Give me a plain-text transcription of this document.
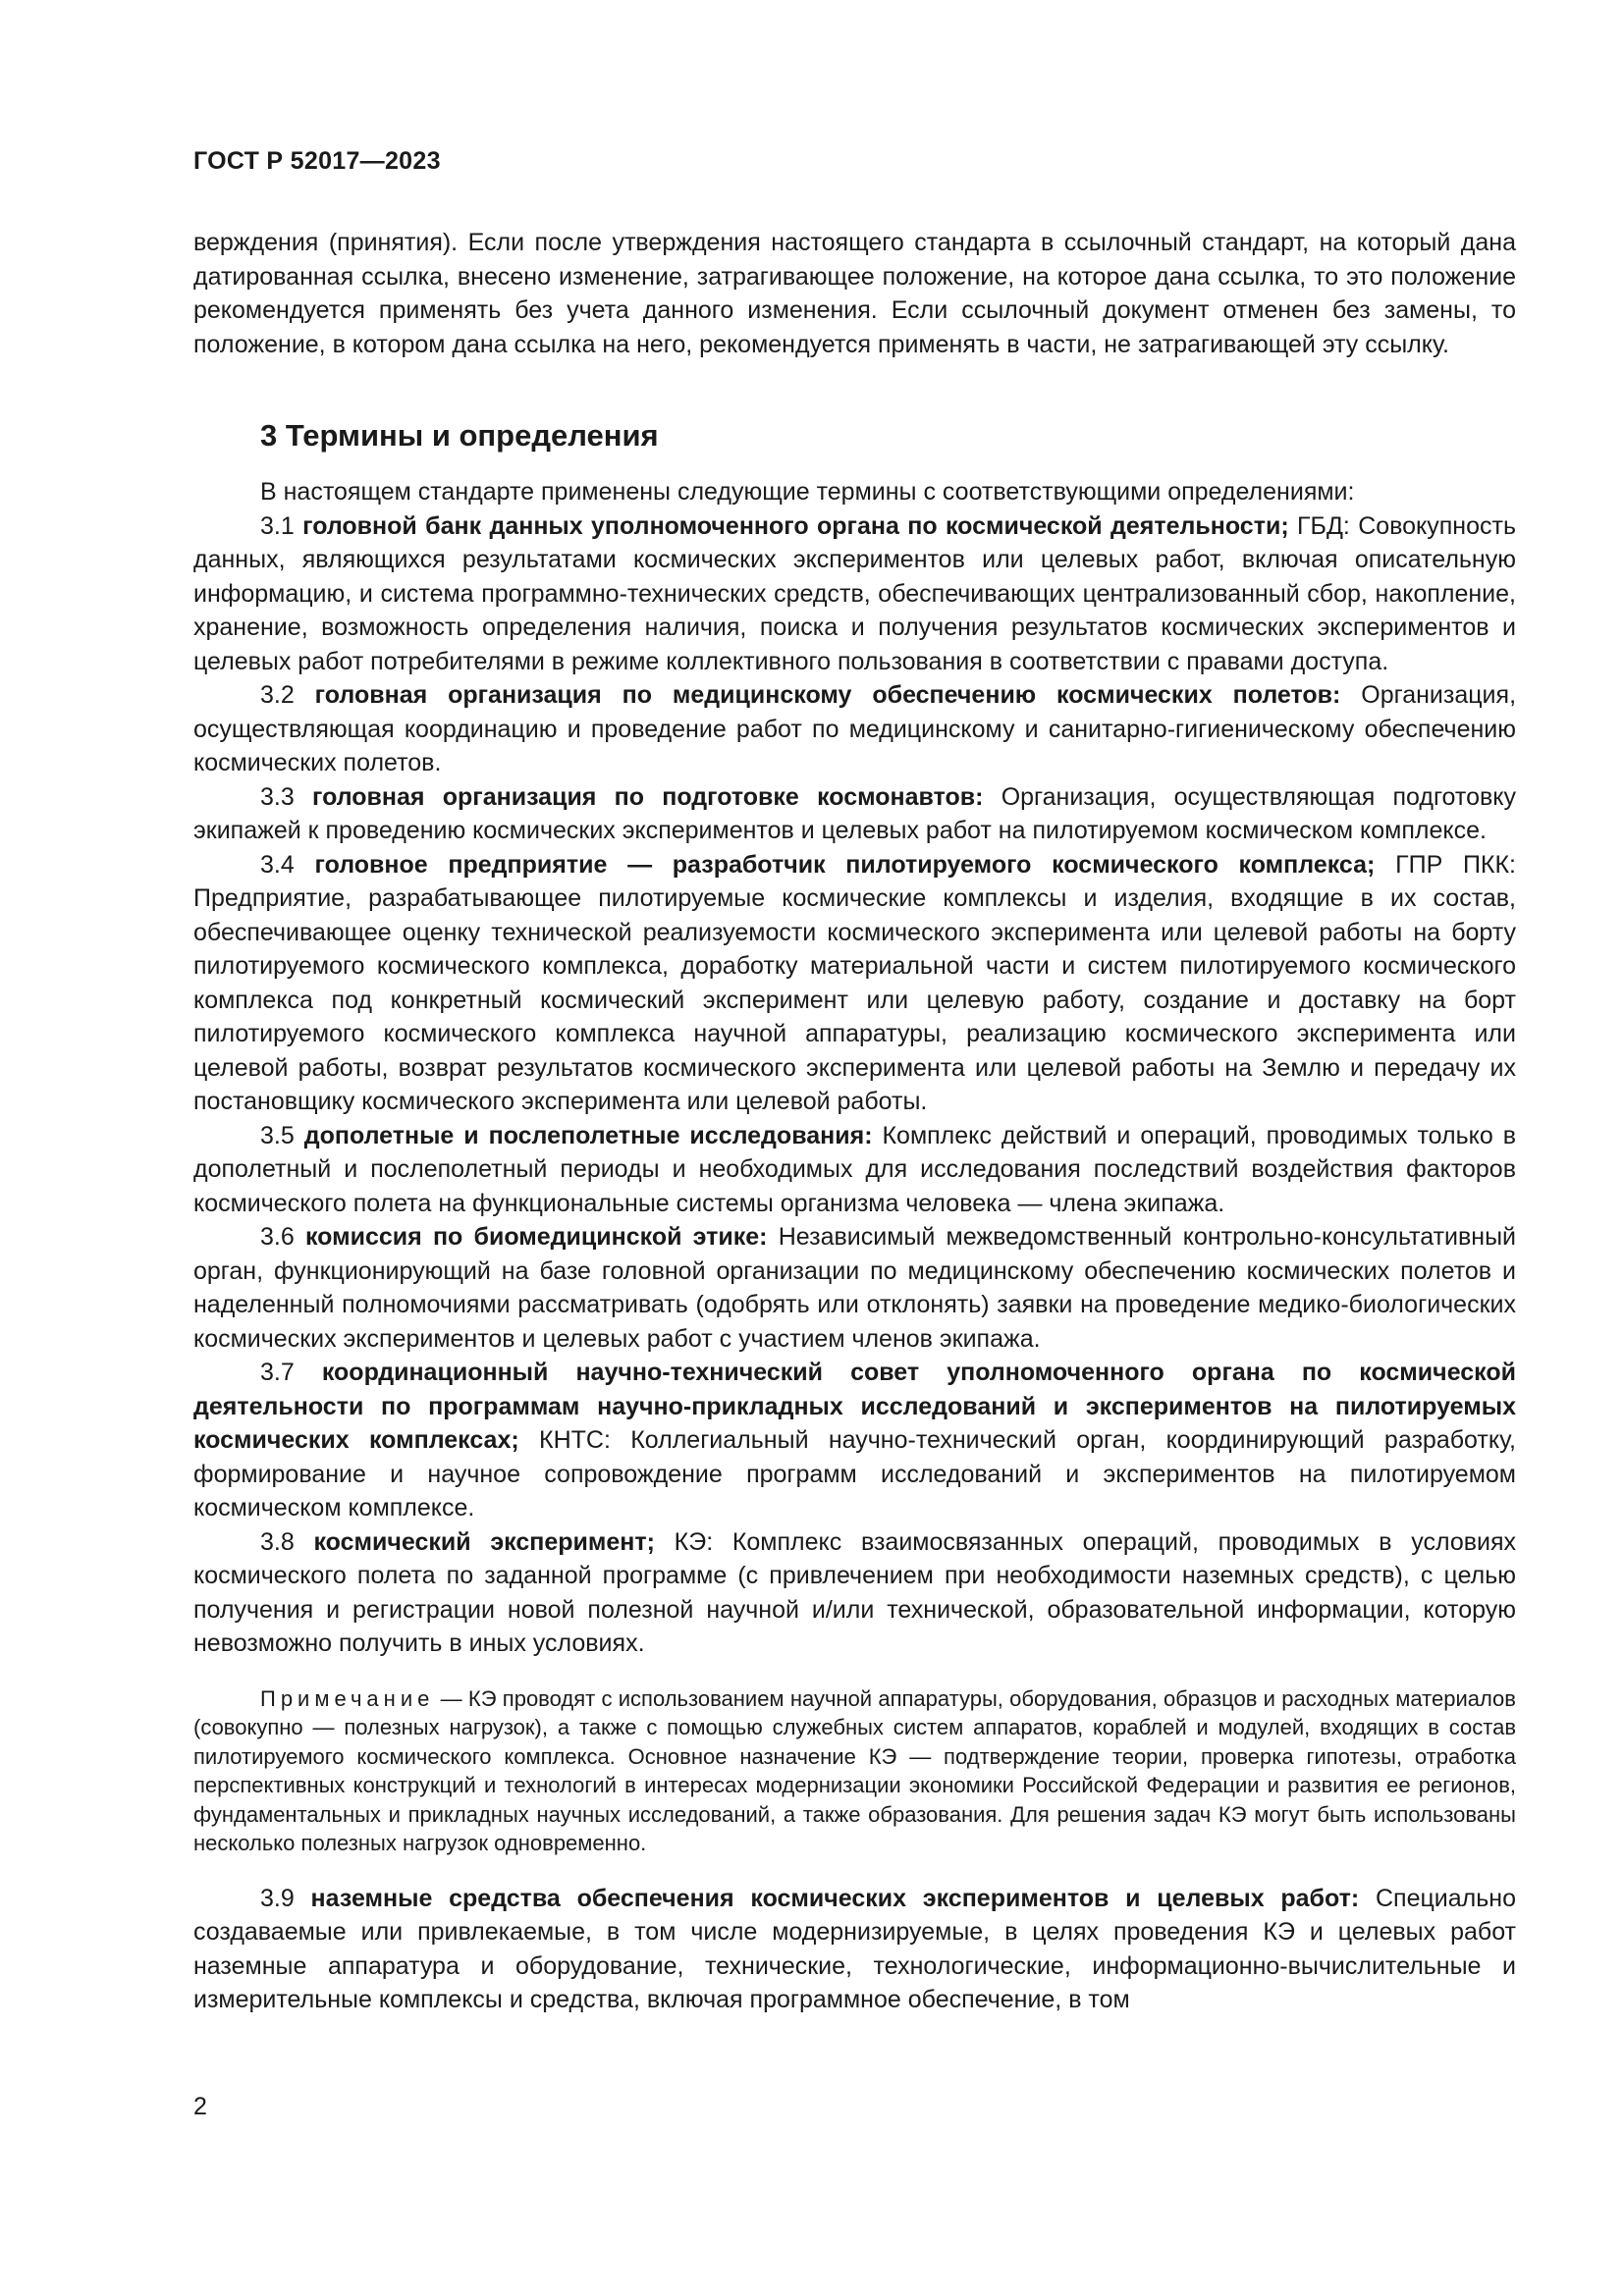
ГОСТ Р 52017—2023

верждения (принятия). Если после утверждения настоящего стандарта в ссылочный стандарт, на который дана датированная ссылка, внесено изменение, затрагивающее положение, на которое дана ссылка, то это положение рекомендуется применять без учета данного изменения. Если ссылочный документ отменен без замены, то положение, в котором дана ссылка на него, рекомендуется применять в части, не затрагивающей эту ссылку.

3 Термины и определения

В настоящем стандарте применены следующие термины с соответствующими определениями:

3.1 головной банк данных уполномоченного органа по космической деятельности; ГБД: Совокупность данных, являющихся результатами космических экспериментов или целевых работ, включая описательную информацию, и система программно-технических средств, обеспечивающих централизованный сбор, накопление, хранение, возможность определения наличия, поиска и получения результатов космических экспериментов и целевых работ потребителями в режиме коллективного пользования в соответствии с правами доступа.

3.2 головная организация по медицинскому обеспечению космических полетов: Организация, осуществляющая координацию и проведение работ по медицинскому и санитарно-гигиеническому обеспечению космических полетов.

3.3 головная организация по подготовке космонавтов: Организация, осуществляющая подготовку экипажей к проведению космических экспериментов и целевых работ на пилотируемом космическом комплексе.

3.4 головное предприятие — разработчик пилотируемого космического комплекса; ГПР ПКК: Предприятие, разрабатывающее пилотируемые космические комплексы и изделия, входящие в их состав, обеспечивающее оценку технической реализуемости космического эксперимента или целевой работы на борту пилотируемого космического комплекса, доработку материальной части и систем пилотируемого космического комплекса под конкретный космический эксперимент или целевую работу, создание и доставку на борт пилотируемого космического комплекса научной аппаратуры, реализацию космического эксперимента или целевой работы, возврат результатов космического эксперимента или целевой работы на Землю и передачу их постановщику космического эксперимента или целевой работы.

3.5 дополетные и послеполетные исследования: Комплекс действий и операций, проводимых только в дополетный и послеполетный периоды и необходимых для исследования последствий воздействия факторов космического полета на функциональные системы организма человека — члена экипажа.

3.6 комиссия по биомедицинской этике: Независимый межведомственный контрольно-консультативный орган, функционирующий на базе головной организации по медицинскому обеспечению космических полетов и наделенный полномочиями рассматривать (одобрять или отклонять) заявки на проведение медико-биологических космических экспериментов и целевых работ с участием членов экипажа.

3.7 координационный научно-технический совет уполномоченного органа по космической деятельности по программам научно-прикладных исследований и экспериментов на пилотируемых космических комплексах; КНТС: Коллегиальный научно-технический орган, координирующий разработку, формирование и научное сопровождение программ исследований и экспериментов на пилотируемом космическом комплексе.

3.8 космический эксперимент; КЭ: Комплекс взаимосвязанных операций, проводимых в условиях космического полета по заданной программе (с привлечением при необходимости наземных средств), с целью получения и регистрации новой полезной научной и/или технической, образовательной информации, которую невозможно получить в иных условиях.

Примечание — КЭ проводят с использованием научной аппаратуры, оборудования, образцов и расходных материалов (совокупно — полезных нагрузок), а также с помощью служебных систем аппаратов, кораблей и модулей, входящих в состав пилотируемого космического комплекса. Основное назначение КЭ — подтверждение теории, проверка гипотезы, отработка перспективных конструкций и технологий в интересах модернизации экономики Российской Федерации и развития ее регионов, фундаментальных и прикладных научных исследований, а также образования. Для решения задач КЭ могут быть использованы несколько полезных нагрузок одновременно.

3.9 наземные средства обеспечения космических экспериментов и целевых работ: Специально создаваемые или привлекаемые, в том числе модернизируемые, в целях проведения КЭ и целевых работ наземные аппаратура и оборудование, технические, технологические, информационно-вычислительные и измерительные комплексы и средства, включая программное обеспечение, в том

2
